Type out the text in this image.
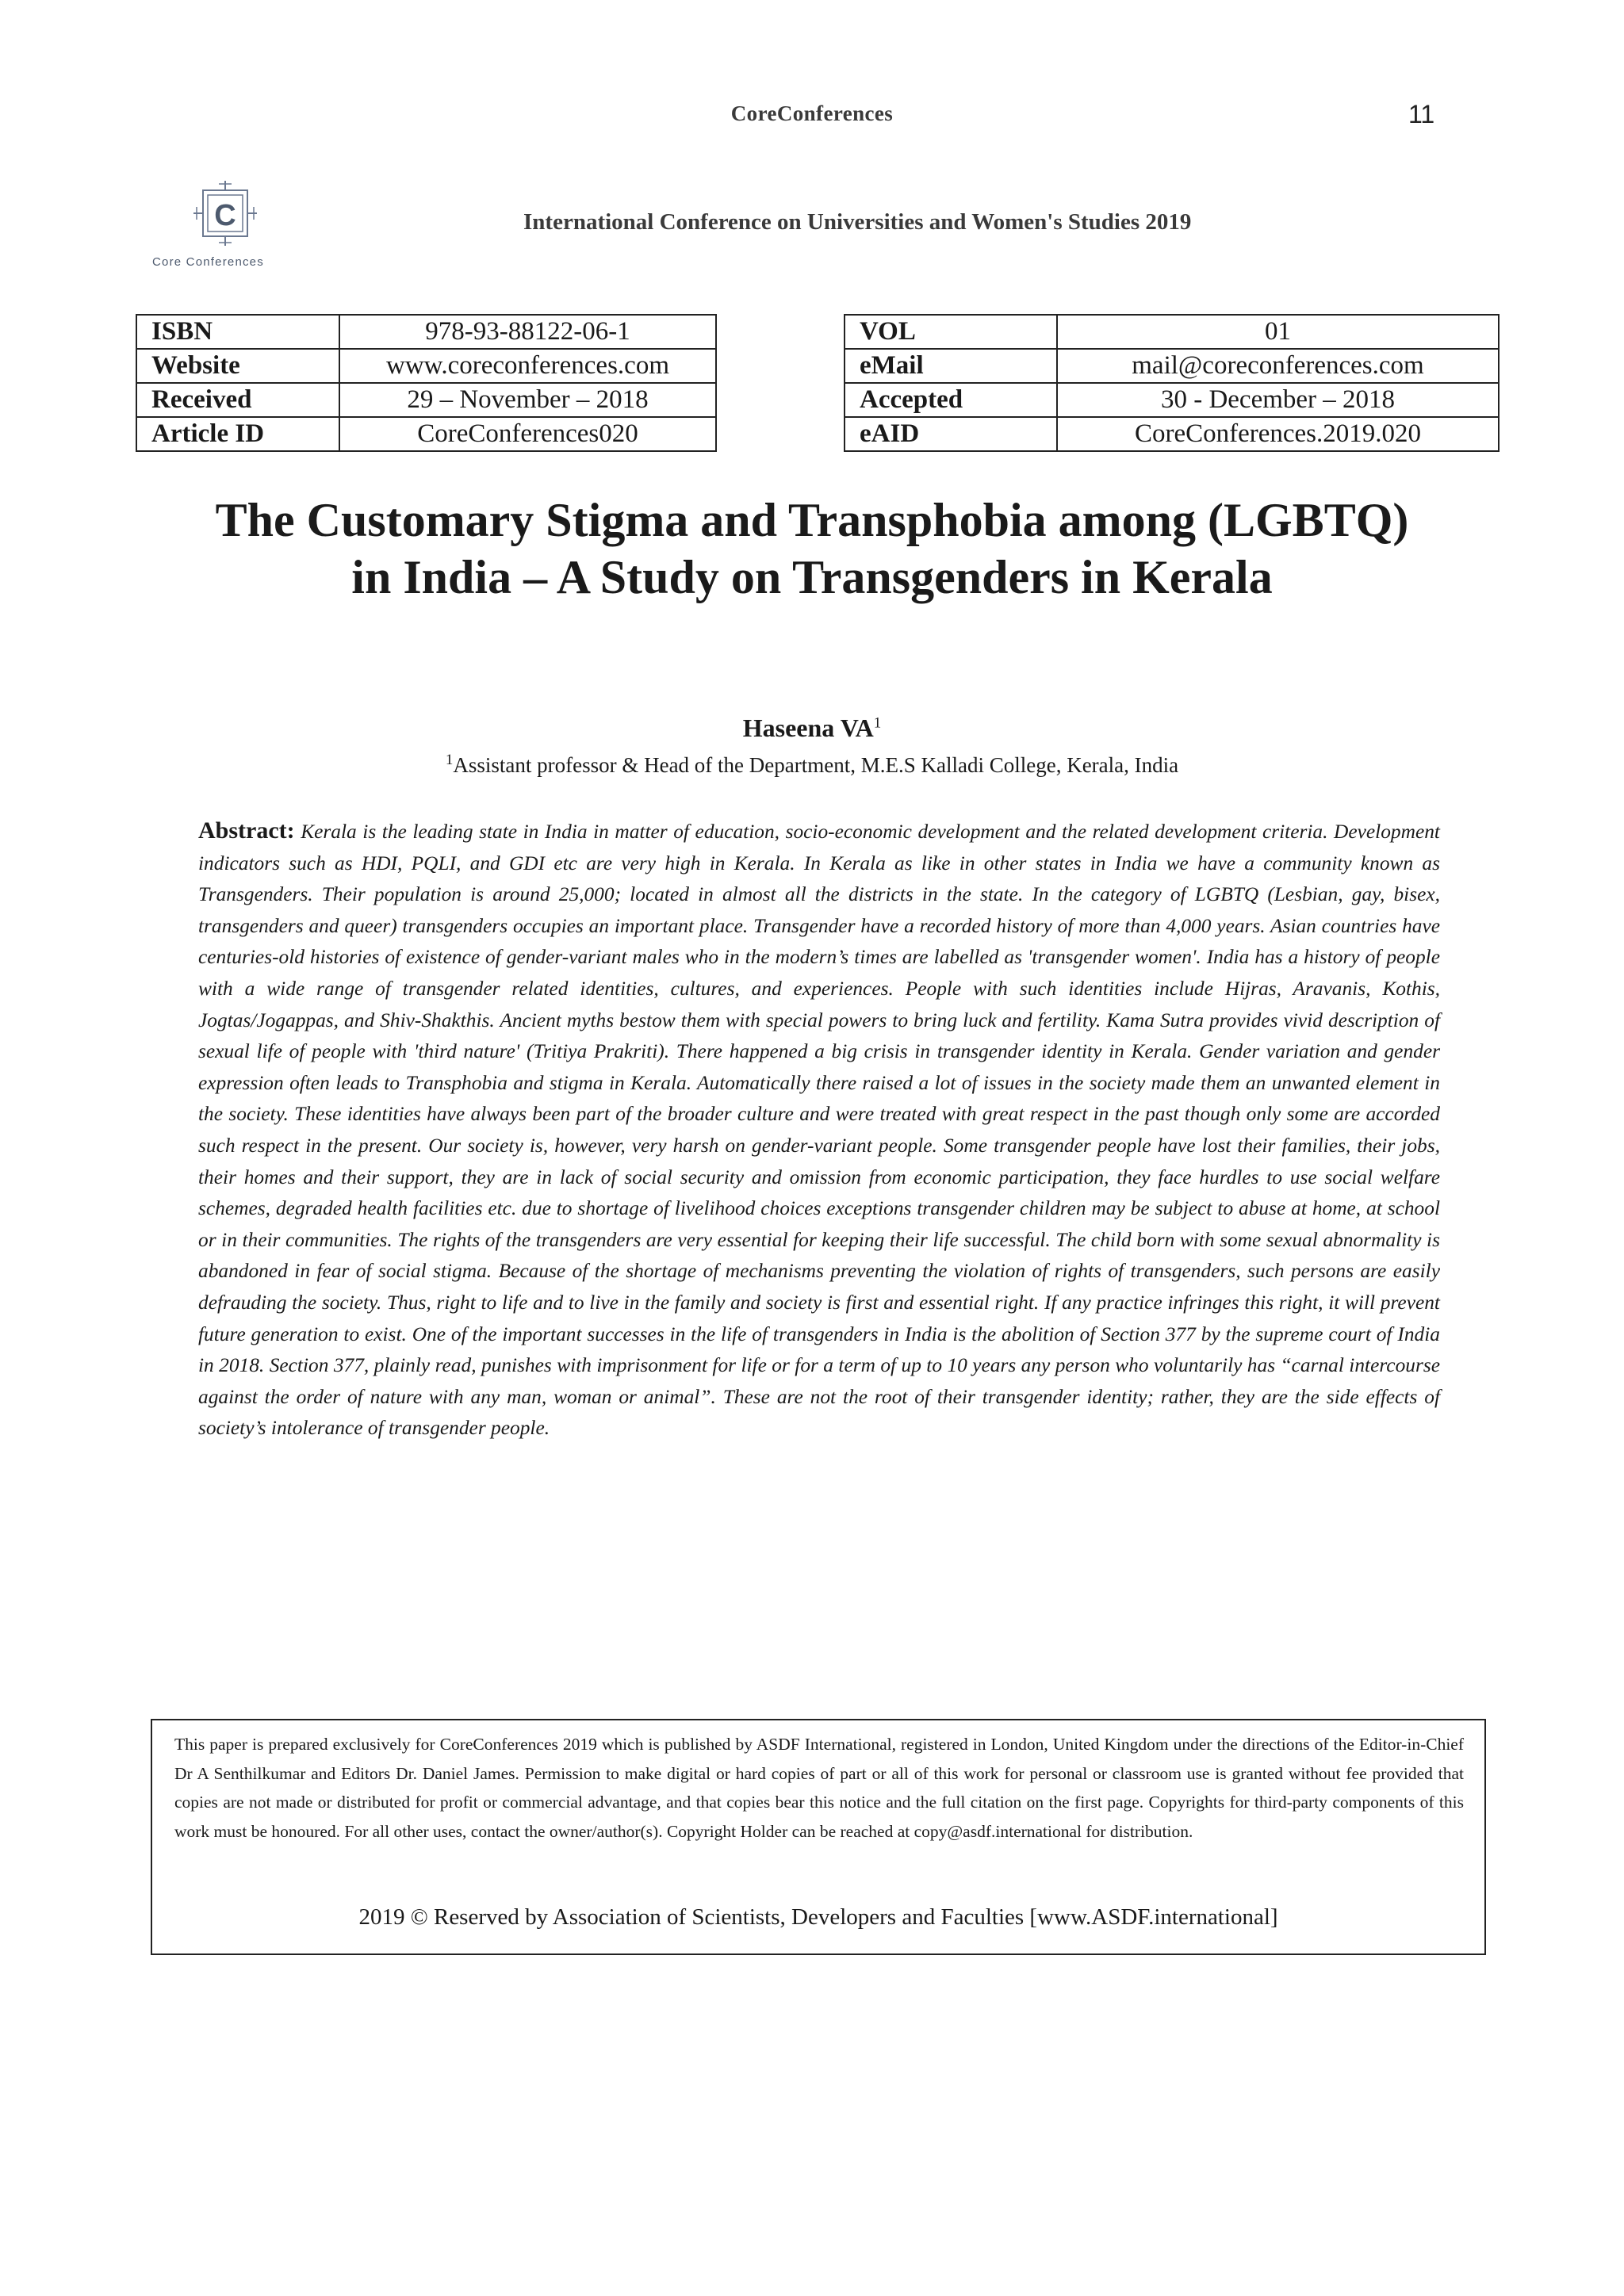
CoreConferences	11
C
Core Conferences
International Conference on Universities and Women's Studies 2019
ISBN	978-93-88122-06-1
Website	www.coreconferences.com
Received	29 – November – 2018
Article ID	CoreConferences020
VOL	01
eMail	mail@coreconferences.com
Accepted	30 - December – 2018
eAID	CoreConferences.2019.020
The Customary Stigma and Transphobia among (LGBTQ) in India – A Study on Transgenders in Kerala
Haseena $VA^1$
$^1$Assistant professor & Head of the Department, M.E.S Kalladi College, Kerala, India

Abstract: Kerala is the leading state in India in matter of education, socio-economic development and the related development criteria. Development indicators such as HDI, PQLI, and GDI etc are very high in Kerala. In Kerala as like in other states in India we have a community known as Transgenders. Their population is around 25,000; located in almost all the districts in the state. In the category of LGBTQ (Lesbian, gay, bisex, transgenders and queer) transgenders occupies an important place. Transgender have a recorded history of more than 4,000 years. Asian countries have centuries-old histories of existence of gender-variant males who in the modern’s times are labelled as 'transgender women'. India has a history of people with a wide range of transgender related identities, cultures, and experiences. People with such identities include Hijras, Aravanis, Kothis, Jogtas/Jogappas, and Shiv-Shakthis. Ancient myths bestow them with special powers to bring luck and fertility. Kama Sutra provides vivid description of sexual life of people with 'third nature' (Tritiya Prakriti). There happened a big crisis in transgender identity in Kerala. Gender variation and gender expression often leads to Transphobia and stigma in Kerala. Automatically there raised a lot of issues in the society made them an unwanted element in the society. These identities have always been part of the broader culture and were treated with great respect in the past though only some are accorded such respect in the present. Our society is, however, very harsh on gender-variant people. Some transgender people have lost their families, their jobs, their homes and their support, they are in lack of social security and omission from economic participation, they face hurdles to use social welfare schemes, degraded health facilities etc. due to shortage of livelihood choices exceptions transgender children may be subject to abuse at home, at school or in their communities. The rights of the transgenders are very essential for keeping their life successful. The child born with some sexual abnormality is abandoned in fear of social stigma. Because of the shortage of mechanisms preventing the violation of rights of transgenders, such persons are easily defrauding the society. Thus, right to life and to live in the family and society is first and essential right. If any practice infringes this right, it will prevent future generation to exist. One of the important successes in the life of transgenders in India is the abolition of Section 377 by the supreme court of India in 2018. Section 377, plainly read, punishes with imprisonment for life or for a term of up to 10 years any person who voluntarily has “carnal intercourse against the order of nature with any man, woman or animal”. These are not the root of their transgender identity; rather, they are the side effects of society’s intolerance of transgender people.

This paper is prepared exclusively for CoreConferences 2019 which is published by ASDF International, registered in London, United Kingdom under the directions of the Editor-in-Chief Dr A Senthilkumar and Editors Dr. Daniel James. Permission to make digital or hard copies of part or all of this work for personal or classroom use is granted without fee provided that copies are not made or distributed for profit or commercial advantage, and that copies bear this notice and the full citation on the first page. Copyrights for third-party components of this work must be honoured. For all other uses, contact the owner/author(s). Copyright Holder can be reached at copy@asdf.international for distribution.

2019 © Reserved by Association of Scientists, Developers and Faculties [www.ASDF.international]
